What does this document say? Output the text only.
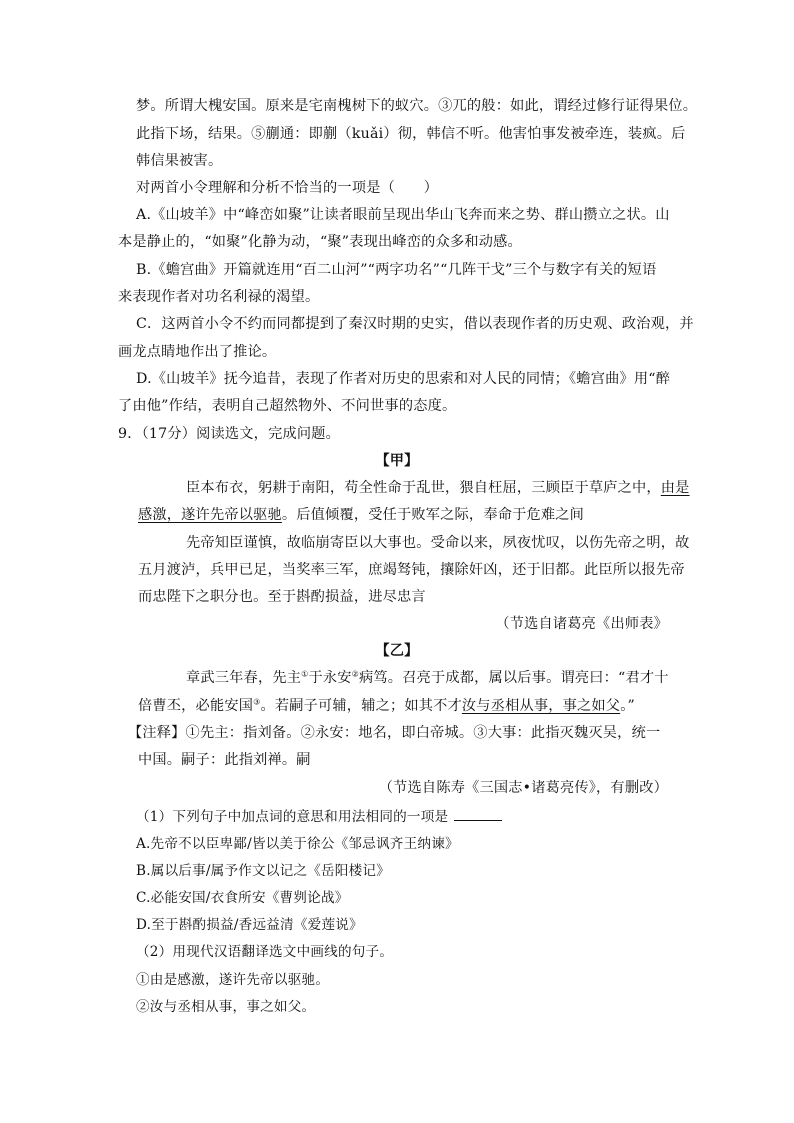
梦。所谓大槐安国。原来是宅南槐树下的蚁穴。③兀的般：如此，谓经过修行证得果位。
此指下场，结果。⑤蒯通：即蒯（kuǎi）彻，韩信不听。他害怕事发被牵连，装疯。后
韩信果被害。
对两首小令理解和分析不恰当的一项是（　　）
A.《山坡羊》中“峰峦如聚”让读者眼前呈现出华山飞奔而来之势、群山攒立之状。山
本是静止的，“如聚”化静为动，“聚”表现出峰峦的众多和动感。
B.《蟾宫曲》开篇就连用“百二山河”“两字功名”“几阵干戈”三个与数字有关的短语
来表现作者对功名利禄的渴望。
C．这两首小令不约而同都提到了秦汉时期的史实，借以表现作者的历史观、政治观，并
画龙点睛地作出了推论。
D.《山坡羊》抚今追昔，表现了作者对历史的思索和对人民的同情；《蟾宫曲》用“醉
了由他”作结，表明自己超然物外、不问世事的态度。
9．（17分）阅读选文，完成问题。
【甲】
臣本布衣，躬耕于南阳，苟全性命于乱世，猥自枉屈，三顾臣于草庐之中，由是
感激，遂许先帝以驱驰。后值倾覆，受任于败军之际，奉命于危难之间
先帝知臣谨慎，故临崩寄臣以大事也。受命以来，夙夜忧叹，以伤先帝之明，故
五月渡泸，兵甲已足，当奖率三军，庶竭驽钝，攘除奸凶，还于旧都。此臣所以报先帝
而忠陛下之职分也。至于斟酌损益，进尽忠言
（节选自诸葛亮《出师表》
【乙】
章武三年春，先主①于永安②病笃。召亮于成都，属以后事。谓亮曰：“君才十
倍曹丕，必能安国③。若嗣子可辅，辅之；如其不才汝与丞相从事，事之如父。”
【注释】①先主：指刘备。②永安：地名，即白帝城。③大事：此指灭魏灭吴，统一
中国。嗣子：此指刘禅。嗣
（节选自陈寿《三国志•诸葛亮传》，有删改）
（1）下列句子中加点词的意思和用法相同的一项是
A.先帝不以臣卑鄙/皆以美于徐公《邹忌讽齐王纳谏》
B.属以后事/属予作文以记之《岳阳楼记》
C.必能安国/衣食所安《曹刿论战》
D.至于斟酌损益/香远益清《爱莲说》
（2）用现代汉语翻译选文中画线的句子。
①由是感激，遂许先帝以驱驰。
②汝与丞相从事，事之如父。
